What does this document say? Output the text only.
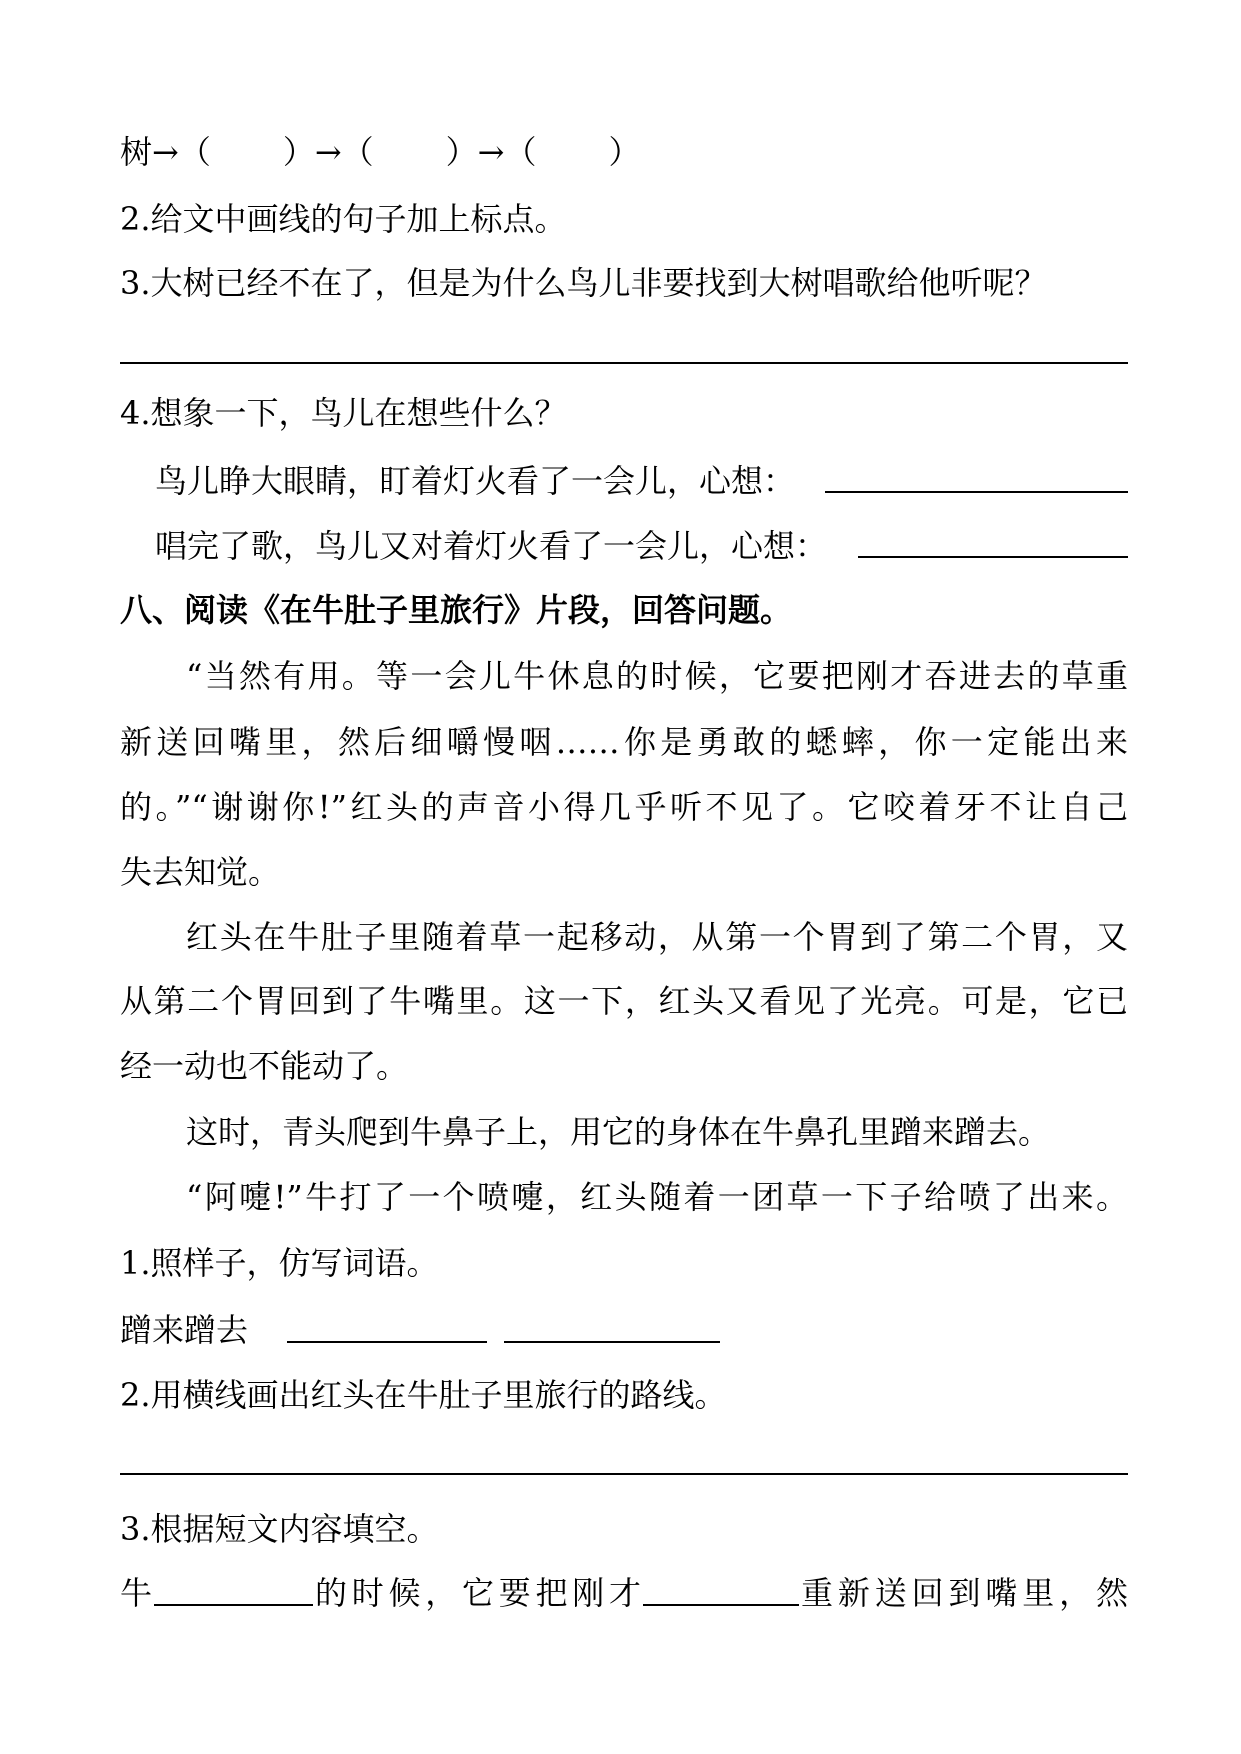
树→（ ）→（ ）→（ ）
2.给文中画线的句子加上标点。
3.大树已经不在了，但是为什么鸟儿非要找到大树唱歌给他听呢？
4.想象一下，鸟儿在想些什么？
鸟儿睁大眼睛，盯着灯火看了一会儿，心想：
唱完了歌，鸟儿又对着灯火看了一会儿，心想：
八、阅读《在牛肚子里旅行》片段，回答问题。
“当然有用。等一会儿牛休息的时候，它要把刚才吞进去的草重
新送回嘴里，然后细嚼慢咽……你是勇敢的蟋蟀，你一定能出来
的。”“谢谢你!”红头的声音小得几乎听不见了。它咬着牙不让自己
失去知觉。
红头在牛肚子里随着草一起移动，从第一个胃到了第二个胃，又
从第二个胃回到了牛嘴里。这一下，红头又看见了光亮。可是，它已
经一动也不能动了。
这时，青头爬到牛鼻子上，用它的身体在牛鼻孔里蹭来蹭去。
“阿嚏!”牛打了一个喷嚏，红头随着一团草一下子给喷了出来。
1.照样子，仿写词语。
蹭来蹭去
2.用横线画出红头在牛肚子里旅行的路线。
3.根据短文内容填空。
牛	的时候，它要把刚才	重新送回到嘴里，然
